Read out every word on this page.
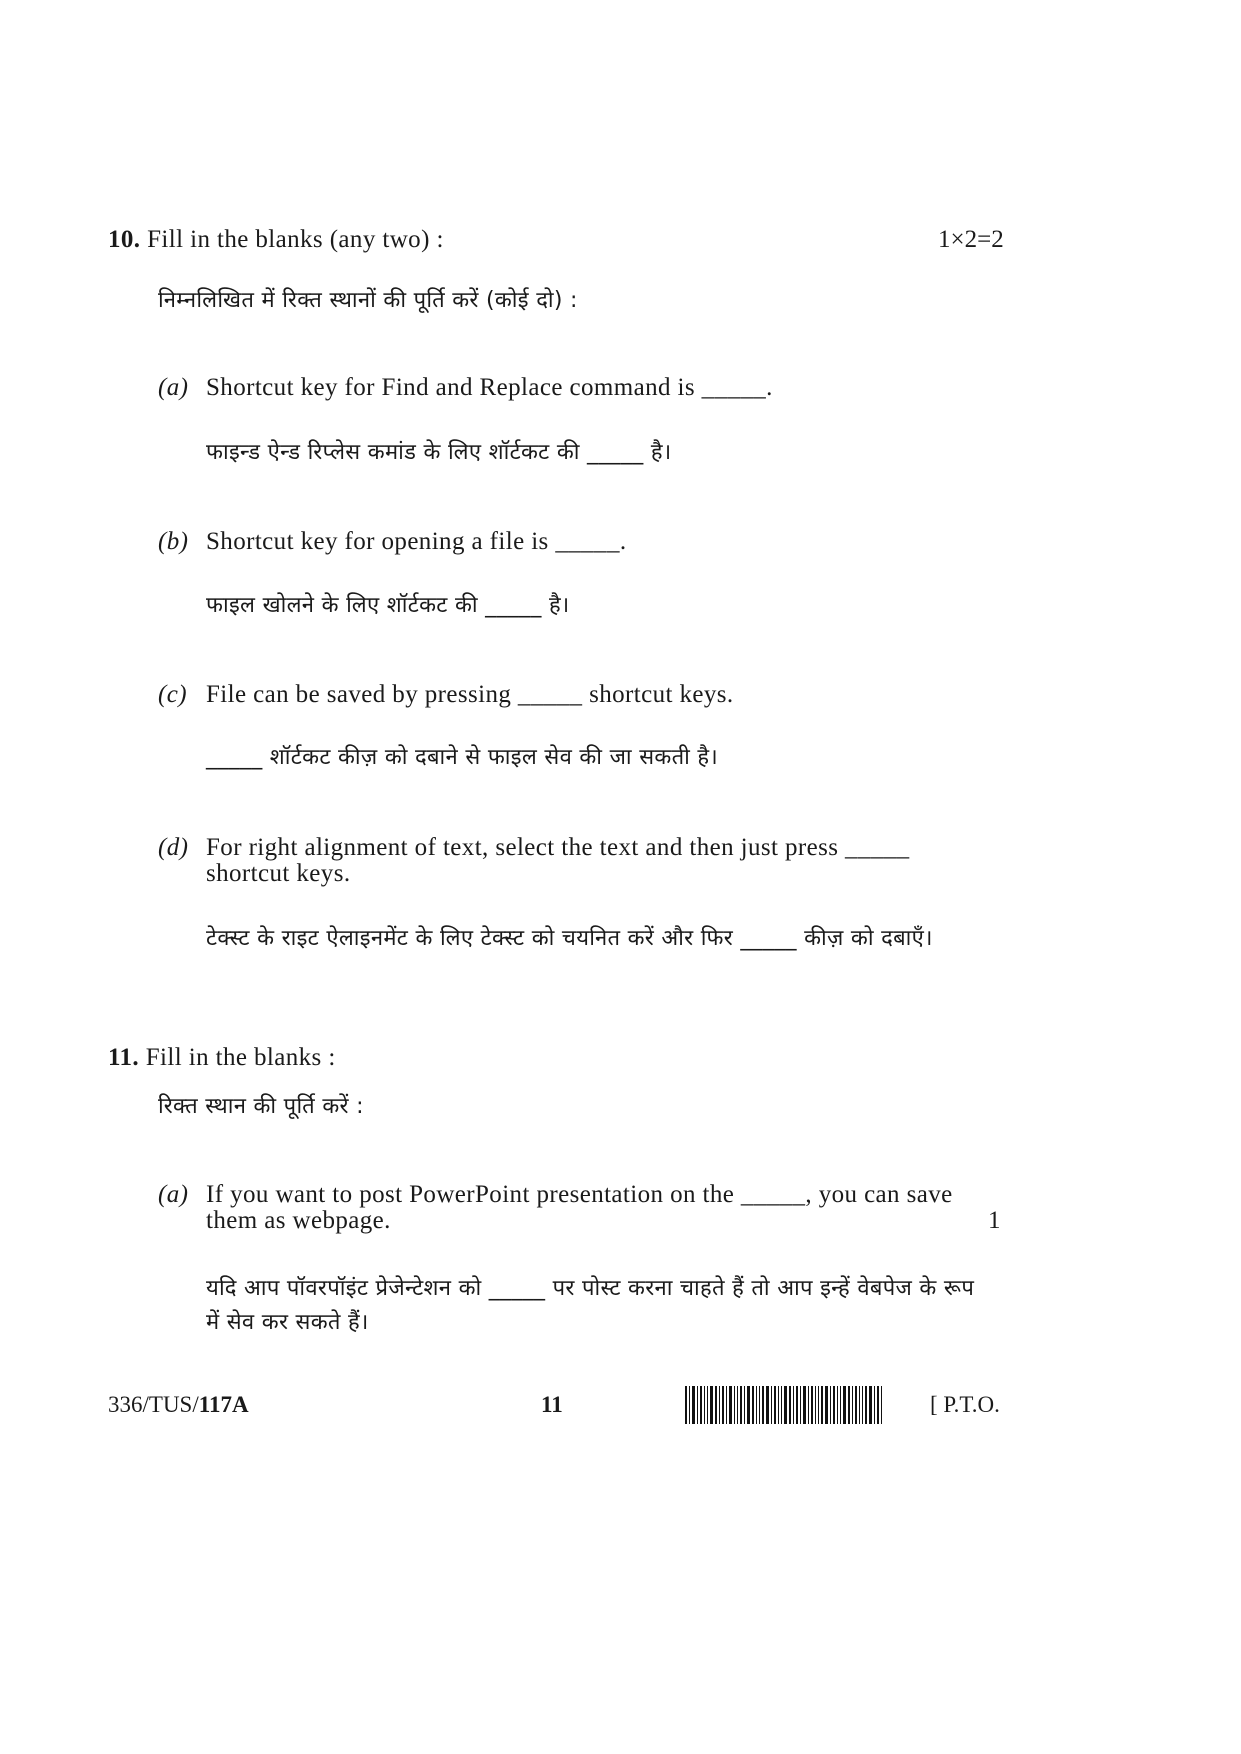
10. Fill in the blanks (any two) :	1×2=2
निम्नलिखित में रिक्त स्थानों की पूर्ति करें (कोई दो) :
(a) Shortcut key for Find and Replace command is _____.
फाइन्ड ऐन्ड रिप्लेस कमांड के लिए शॉर्टकट की _____ है।
(b) Shortcut key for opening a file is _____.
फाइल खोलने के लिए शॉर्टकट की _____ है।
(c) File can be saved by pressing _____ shortcut keys.
_____ शॉर्टकट कीज़ को दबाने से फाइल सेव की जा सकती है।
(d) For right alignment of text, select the text and then just press _____
shortcut keys.
टेक्स्ट के राइट ऐलाइनमेंट के लिए टेक्स्ट को चयनित करें और फिर _____ कीज़ को दबाएँ।
11. Fill in the blanks :
रिक्त स्थान की पूर्ति करें :
(a) If you want to post PowerPoint presentation on the _____, you can save
them as webpage.	1
यदि आप पॉवरपॉइंट प्रेजेन्टेशन को _____ पर पोस्ट करना चाहते हैं तो आप इन्हें वेबपेज के रूप
में सेव कर सकते हैं।
336/TUS/117A	11	[ P.T.O.
